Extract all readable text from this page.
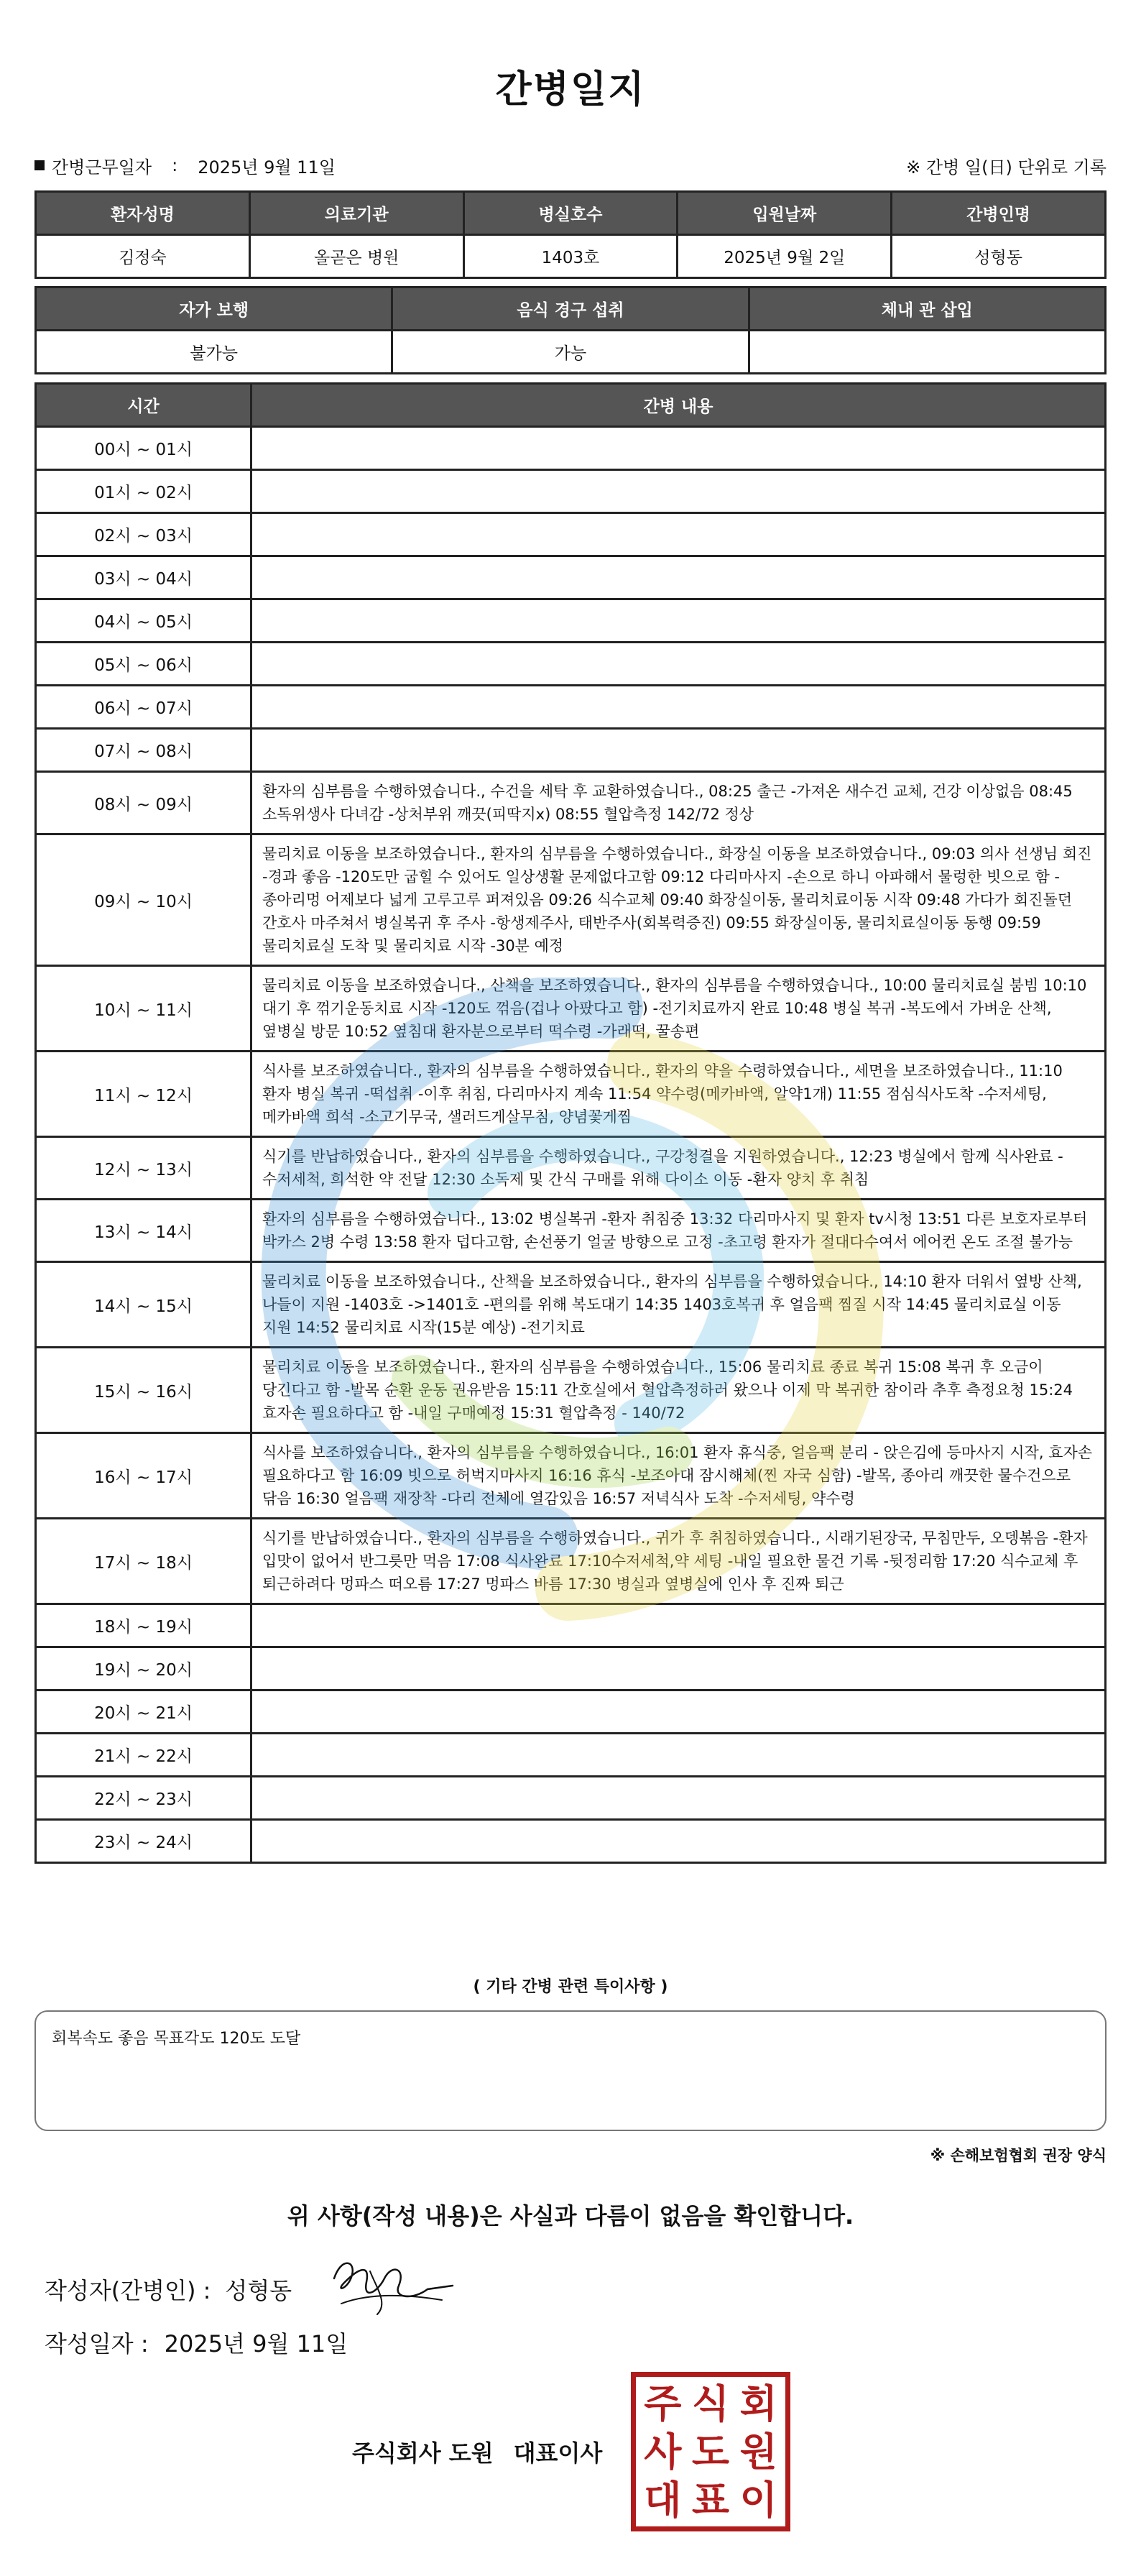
간병일지
간병근무일자 : 2025년 9월 11일	※ 간병 일(日) 단위로 기록
환자성명	의료기관	병실호수	입원날짜	간병인명
김정숙	올곧은 병원	1403호	2025년 9월 2일	성형동
자가 보행	음식 경구 섭취	체내 관 삽입
불가능	가능	
시간	간병 내용
00시 ~ 01시	
01시 ~ 02시	
02시 ~ 03시	
03시 ~ 04시	
04시 ~ 05시	
05시 ~ 06시	
06시 ~ 07시	
07시 ~ 08시	
08시 ~ 09시	환자의 심부름을 수행하였습니다., 수건을 세탁 후 교환하였습니다., 08:25 출근 -가져온 새수건 교체, 건강 이상없음 08:45 소독위생사 다녀감 -상처부위 깨끗(피딱지x) 08:55 혈압측정 142/72 정상
09시 ~ 10시	물리치료 이동을 보조하였습니다., 환자의 심부름을 수행하였습니다., 화장실 이동을 보조하였습니다., 09:03 의사 선생님 회진 -경과 좋음 -120도만 굽힐 수 있어도 일상생활 문제없다고함 09:12 다리마사지 -손으로 하니 아파해서 물렁한 빗으로 함 -종아리멍 어제보다 넓게 고루고루 퍼져있음 09:26 식수교체 09:40 화장실이동, 물리치료이동 시작 09:48 가다가 회진돌던 간호사 마주쳐서 병실복귀 후 주사 -항생제주사, 태반주사(회복력증진) 09:55 화장실이동, 물리치료실이동 동행 09:59 물리치료실 도착 및 물리치료 시작 -30분 예정
10시 ~ 11시	물리치료 이동을 보조하였습니다., 산책을 보조하였습니다., 환자의 심부름을 수행하였습니다., 10:00 물리치료실 붐빔 10:10 대기 후 꺾기운동치료 시작 -120도 꺾음(겁나 아팠다고 함) -전기치료까지 완료 10:48 병실 복귀 -복도에서 가벼운 산책, 옆병실 방문 10:52 옆침대 환자분으로부터 떡수령 -가래떡, 꿀송편
11시 ~ 12시	식사를 보조하였습니다., 환자의 심부름을 수행하였습니다., 환자의 약을 수령하였습니다., 세면을 보조하였습니다., 11:10 환자 병실 복귀 -떡섭취 -이후 취침, 다리마사지 계속 11:54 약수령(메카바액, 알약1개) 11:55 점심식사도착 -수저세팅, 메카바액 희석 -소고기무국, 샐러드게살무침, 양념꽃게찜
12시 ~ 13시	식기를 반납하였습니다., 환자의 심부름을 수행하였습니다., 구강청결을 지원하였습니다., 12:23 병실에서 함께 식사완료 -수저세척, 희석한 약 전달 12:30 소독제 및 간식 구매를 위해 다이소 이동 -환자 양치 후 취침
13시 ~ 14시	환자의 심부름을 수행하였습니다., 13:02 병실복귀 -환자 취침중 13:32 다리마사지 및 환자 tv시청 13:51 다른 보호자로부터 박카스 2병 수령 13:58 환자 덥다고함, 손선풍기 얼굴 방향으로 고정 -초고령 환자가 절대다수여서 에어컨 온도 조절 불가능
14시 ~ 15시	물리치료 이동을 보조하였습니다., 산책을 보조하였습니다., 환자의 심부름을 수행하였습니다., 14:10 환자 더워서 옆방 산책, 나들이 지원 -1403호 ->1401호 -편의를 위해 복도대기 14:35 1403호복귀 후 얼음팩 찜질 시작 14:45 물리치료실 이동 지원 14:52 물리치료 시작(15분 예상) -전기치료
15시 ~ 16시	물리치료 이동을 보조하였습니다., 환자의 심부름을 수행하였습니다., 15:06 물리치료 종료 복귀 15:08 복귀 후 오금이 당긴다고 함 -발목 순환 운동 권유받음 15:11 간호실에서 혈압측정하러 왔으나 이제 막 복귀한 참이라 추후 측정요청 15:24 효자손 필요하다고 함 -내일 구매예정 15:31 혈압측정 - 140/72
16시 ~ 17시	식사를 보조하였습니다., 환자의 심부름을 수행하였습니다., 16:01 환자 휴식중, 얼음팩 분리 - 앉은김에 등마사지 시작, 효자손 필요하다고 함 16:09 빗으로 허벅지마사지 16:16 휴식 -보조아대 잠시해체(찐 자국 심함) -발목, 종아리 깨끗한 물수건으로 닦음 16:30 얼음팩 재장착 -다리 전체에 열감있음 16:57 저녁식사 도착 -수저세팅, 약수령
17시 ~ 18시	식기를 반납하였습니다., 환자의 심부름을 수행하였습니다., 귀가 후 취침하였습니다., 시래기된장국, 무침만두, 오뎅볶음 -환자 입맛이 없어서 반그릇만 먹음 17:08 식사완료 17:10수저세척,약 세팅 -내일 필요한 물건 기록 -뒷정리함 17:20 식수교체 후 퇴근하려다 멍파스 떠오름 17:27 멍파스 바름 17:30 병실과 옆병실에 인사 후 진짜 퇴근
18시 ~ 19시	
19시 ~ 20시	
20시 ~ 21시	
21시 ~ 22시	
22시 ~ 23시	
23시 ~ 24시	
( 기타 간병 관련 특이사항 )
회복속도 좋음 목표각도 120도 도달
※ 손해보험협회 권장 양식
위 사항(작성 내용)은 사실과 다름이 없음을 확인합니다.
작성자(간병인) : 성형동
작성일자 : 2025년 9월 11일
주식회사 도원 대표이사
주 식 회
사 도 원
대 표 이
